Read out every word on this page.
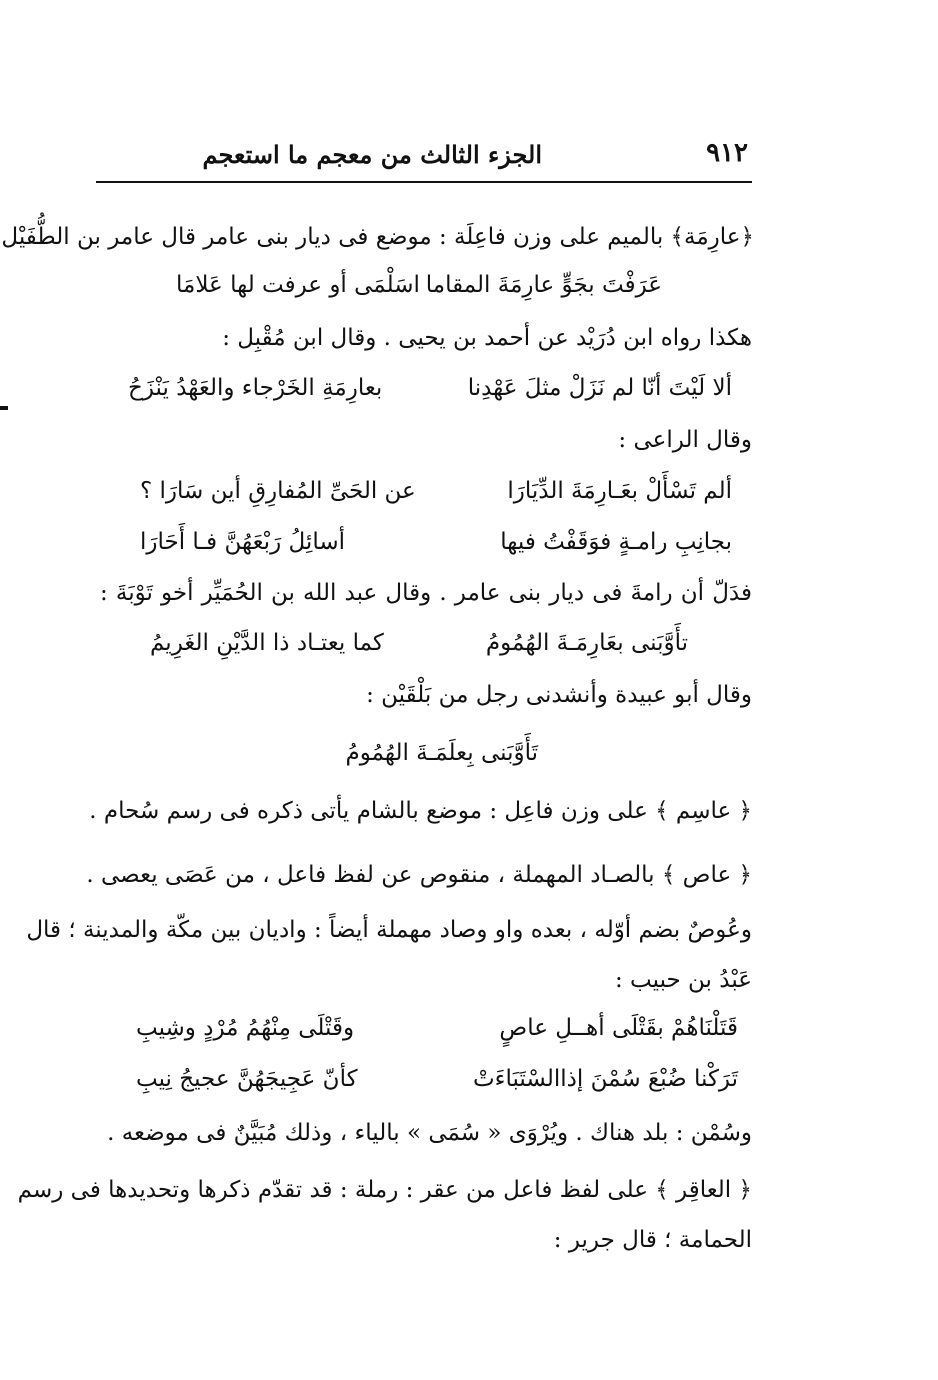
٩١٢
الجزء الثالث من معجم ما استعجم
﴿عارِمَة﴾ بالميم على وزن فاعِلَة : موضع فى ديار بنى عامر قال عامر بن الطُّفَيْل
عَرَفْتَ بجَوٍّ عارِمَةَ المقاما
اسَلْمَى أو عرفت لها عَلامَا
هكذا رواه ابن دُرَيْد عن أحمد بن يحيى . وقال ابن مُقْبِل :
ألا لَيْتَ أنّا لم نَزَلْ مثلَ عَهْدِنا
بعارِمَةِ الخَرْجاء والعَهْدُ يَنْزَحُ
وقال الراعى :
ألم تَسْأَلْ بعَـارِمَةَ الدِّيَارَا
عن الحَىِّ المُفارِقِ أين سَارَا ؟
بجانِبِ رامـةٍ فوَقَفْتُ فيها
أسائِلُ رَبْعَهُنَّ فـا أَحَارَا
فدَلّ أن رامةَ فى ديار بنى عامر . وقال عبد الله بن الحُمَيِّر أخو تَوْبَةَ :
تأَوَّبَنى بعَارِمَـةَ الهُمُومُ
كما يعتـاد ذا الدَّيْنِ الغَرِيمُ
وقال أبو عبيدة وأنشدنى رجل من بَلْقَيْن :
تَأَوَّبَنى بِعلَمَـةَ الهُمُومُ
﴿ عاسِم ﴾ على وزن فاعِل : موضع بالشام يأتى ذكره فى رسم سُحام .
﴿ عاص ﴾ بالصـاد المهملة ، منقوص عن لفظ فاعل ، من عَصَى يعصى .
وعُوصٌ بضم أوّله ، بعده واو وصاد مهملة أيضاً : واديان بين مكّة والمدينة ؛ قال
عَبْدُ بن حبيب :
قَتَلْنَاهُمْ بقَتْلَى أهــلِ عاصٍ
وقَتْلَى مِنْهُمُ مُرْدٍ وشِيبِ
تَرَكْنا ضُبْعَ سُمْنَ إذاالسْتَبَاءَتْ
كأنّ عَجِيجَهُنَّ عجيجُ نِيبِ
وسُمْن : بلد هناك . ويُرْوَى « سُمَى » بالياء ، وذلك مُبَيَّنٌ فى موضعه .
﴿ العاقِر ﴾ على لفظ فاعل من عقر : رملة : قد تقدّم ذكرها وتحديدها فى رسم
الحمامة ؛ قال جرير :
